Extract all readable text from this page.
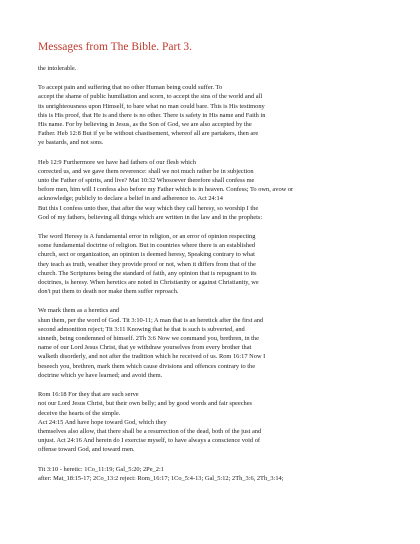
Messages from The Bible. Part 3.

the intolerable.

To accept pain and suffering that no other Human being could suffer. To
accept the shame of public humiliation and scorn, to accept the sins of the world and all
its unrighteousness upon Himself, to bare what no man could bare. This is His testimony
this is His proof, that He is and there is no other. There is safety in His name and Faith in
His name. For by believing in Jesus, as the Son of God, we are also accepted by the
Father. Heb 12:8 But if ye be without chastisement, whereof all are partakers, then are
ye bastards, and not sons.

Heb 12:9 Furthermore we have had fathers of our flesh which
corrected us, and we gave them reverence: shall we not much rather be in subjection
unto the Father of spirits, and live? Mat 10:32 Whosoever therefore shall confess me
before men, him will I confess also before my Father which is in heaven. Confess; To own, avow or
acknowledge; publicly to declare a belief in and adherence to. Act 24:14
But this I confess unto thee, that after the way which they call heresy, so worship I the
God of my fathers, believing all things which are written in the law and in the prophets:

The word Heresy is A fundamental error in religion, or an error of opinion respecting
some fundamental doctrine of religion. But in countries where there is an established
church, sect or organization, an opinion is deemed heresy, Speaking contrary to what
they teach as truth, weather they provide proof or not, when it differs from that of the
church. The Scriptures being the standard of faith, any opinion that is repugnant to its
doctrines, is heresy. When heretics are noted in Christianity or against Christianity, we
don't put them to death nor make them suffer reproach.

We mark them as a heretics and
shun them, per the word of God. Tit 3:10-11; A man that is an heretick after the first and
second admonition reject; Tit 3:11 Knowing that he that is such is subverted, and
sinneth, being condemned of himself. 2Th 3:6 Now we command you, brethren, in the
name of our Lord Jesus Christ, that ye withdraw yourselves from every brother that
walketh disorderly, and not after the tradition which he received of us. Rom 16:17 Now I
beseech you, brethren, mark them which cause divisions and offences contrary to the
doctrine which ye have learned; and avoid them.

Rom 16:18 For they that are such serve
not our Lord Jesus Christ, but their own belly; and by good words and fair speeches
deceive the hearts of the simple.
Act 24:15 And have hope toward God, which they
themselves also allow, that there shall be a resurrection of the dead, both of the just and
unjust. Act 24:16 And herein do I exercise myself, to have always a conscience void of
offense toward God, and toward men.

Tit 3:10 - heretic: 1Co_11:19; Gal_5:20; 2Pe_2:1
after: Mat_18:15-17; 2Co_13:2 reject: Rom_16:17; 1Co_5:4-13; Gal_5:12; 2Th_3:6, 2Th_3:14;
